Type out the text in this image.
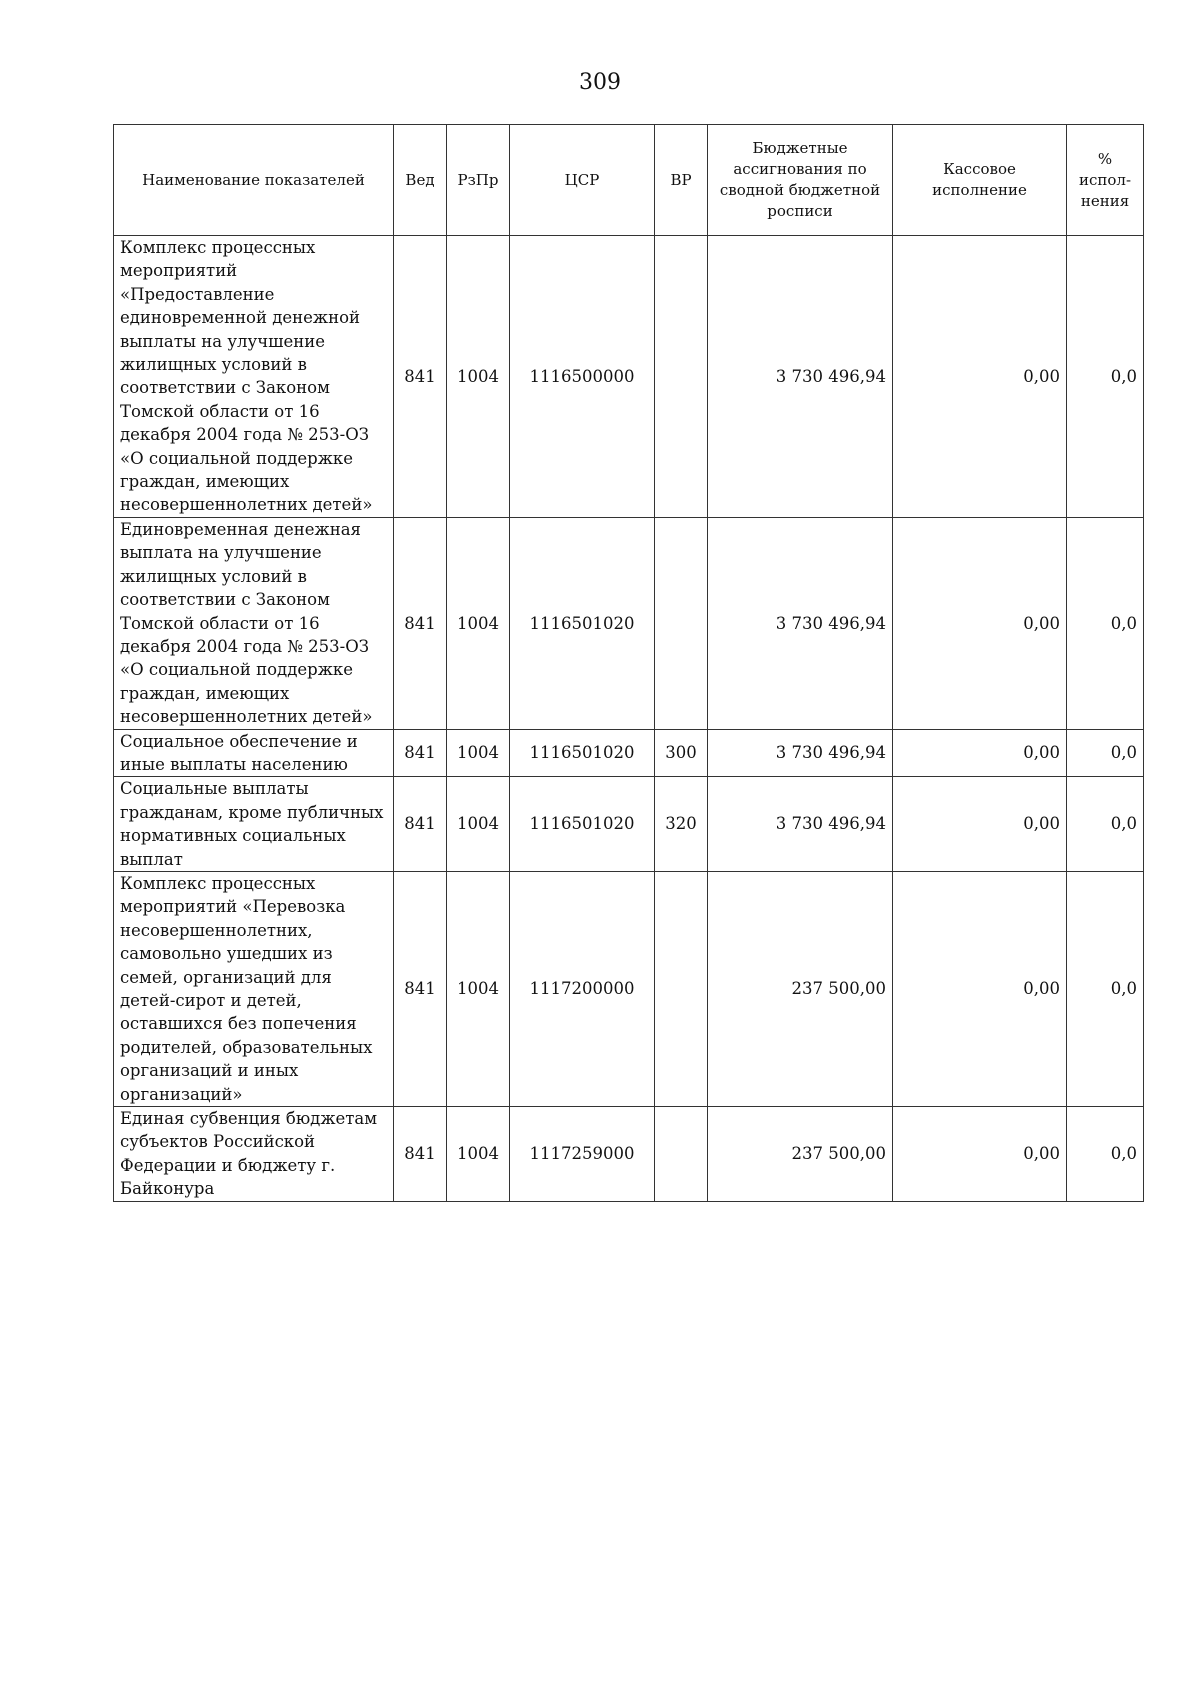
309
Наименование показателей	Вед	РзПр	ЦСР	ВР	Бюджетные ассигнования по сводной бюджетной росписи	Кассовое исполнение	% испол-нения
Комплекс процессных мероприятий «Предоставление единовременной денежной выплаты на улучшение жилищных условий в соответствии с Законом Томской области от 16 декабря 2004 года № 253-ОЗ «О социальной поддержке граждан, имеющих несовершеннолетних детей»	841	1004	1116500000		3 730 496,94	0,00	0,0
Единовременная денежная выплата на улучшение жилищных условий в соответствии с Законом Томской области от 16 декабря 2004 года № 253-ОЗ «О социальной поддержке граждан, имеющих несовершеннолетних детей»	841	1004	1116501020		3 730 496,94	0,00	0,0
Социальное обеспечение и иные выплаты населению	841	1004	1116501020	300	3 730 496,94	0,00	0,0
Социальные выплаты гражданам, кроме публичных нормативных социальных выплат	841	1004	1116501020	320	3 730 496,94	0,00	0,0
Комплекс процессных мероприятий «Перевозка несовершеннолетних, самовольно ушедших из семей, организаций для детей-сирот и детей, оставшихся без попечения родителей, образовательных организаций и иных организаций»	841	1004	1117200000		237 500,00	0,00	0,0
Единая субвенция бюджетам субъектов Российской Федерации и бюджету г. Байконура	841	1004	1117259000		237 500,00	0,00	0,0
